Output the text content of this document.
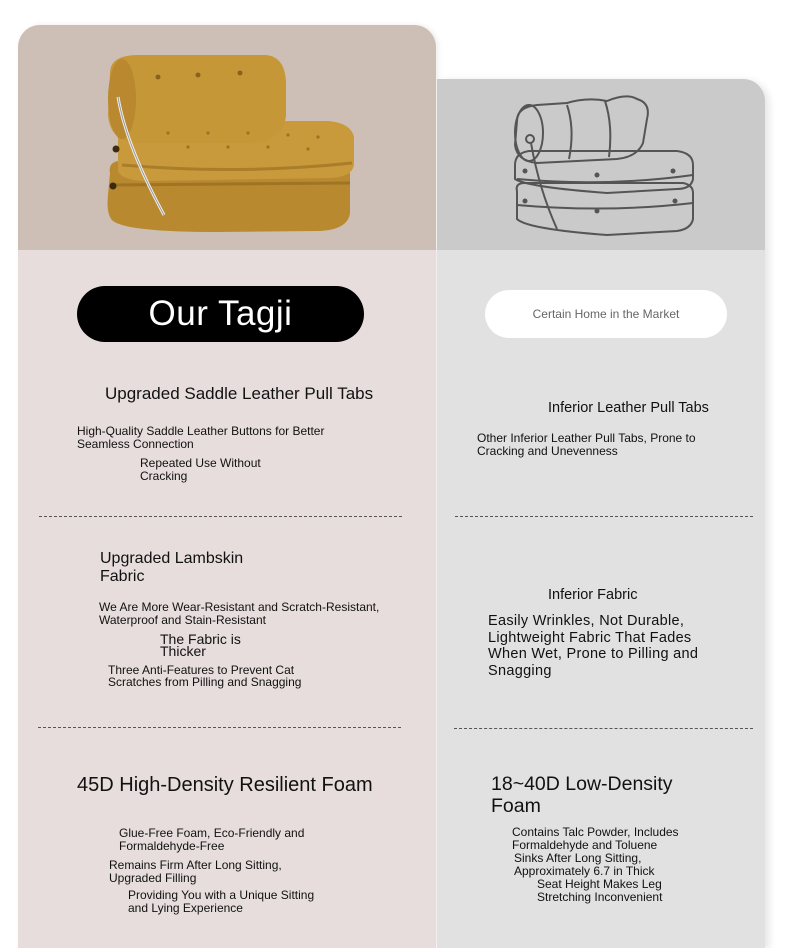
Our Tagji
Upgraded Saddle Leather Pull Tabs
High-Quality Saddle Leather Buttons for Better Seamless Connection
Repeated Use Without Cracking
Upgraded Lambskin Fabric
We Are More Wear-Resistant and Scratch-Resistant, Waterproof and Stain-Resistant
The Fabric is Thicker
Three Anti-Features to Prevent Cat Scratches from Pilling and Snagging
45D High-Density Resilient Foam
Glue-Free Foam, Eco-Friendly and Formaldehyde-Free
Remains Firm After Long Sitting, Upgraded Filling
Providing You with a Unique Sitting and Lying Experience
Certain Home in the Market
Inferior Leather Pull Tabs
Other Inferior Leather Pull Tabs, Prone to Cracking and Unevenness
Inferior Fabric
Easily Wrinkles, Not Durable, Lightweight Fabric That Fades When Wet, Prone to Pilling and Snagging
18~40D Low-Density Foam
Contains Talc Powder, Includes Formaldehyde and Toluene
Sinks After Long Sitting, Approximately 6.7 in Thick
Seat Height Makes Leg Stretching Inconvenient
